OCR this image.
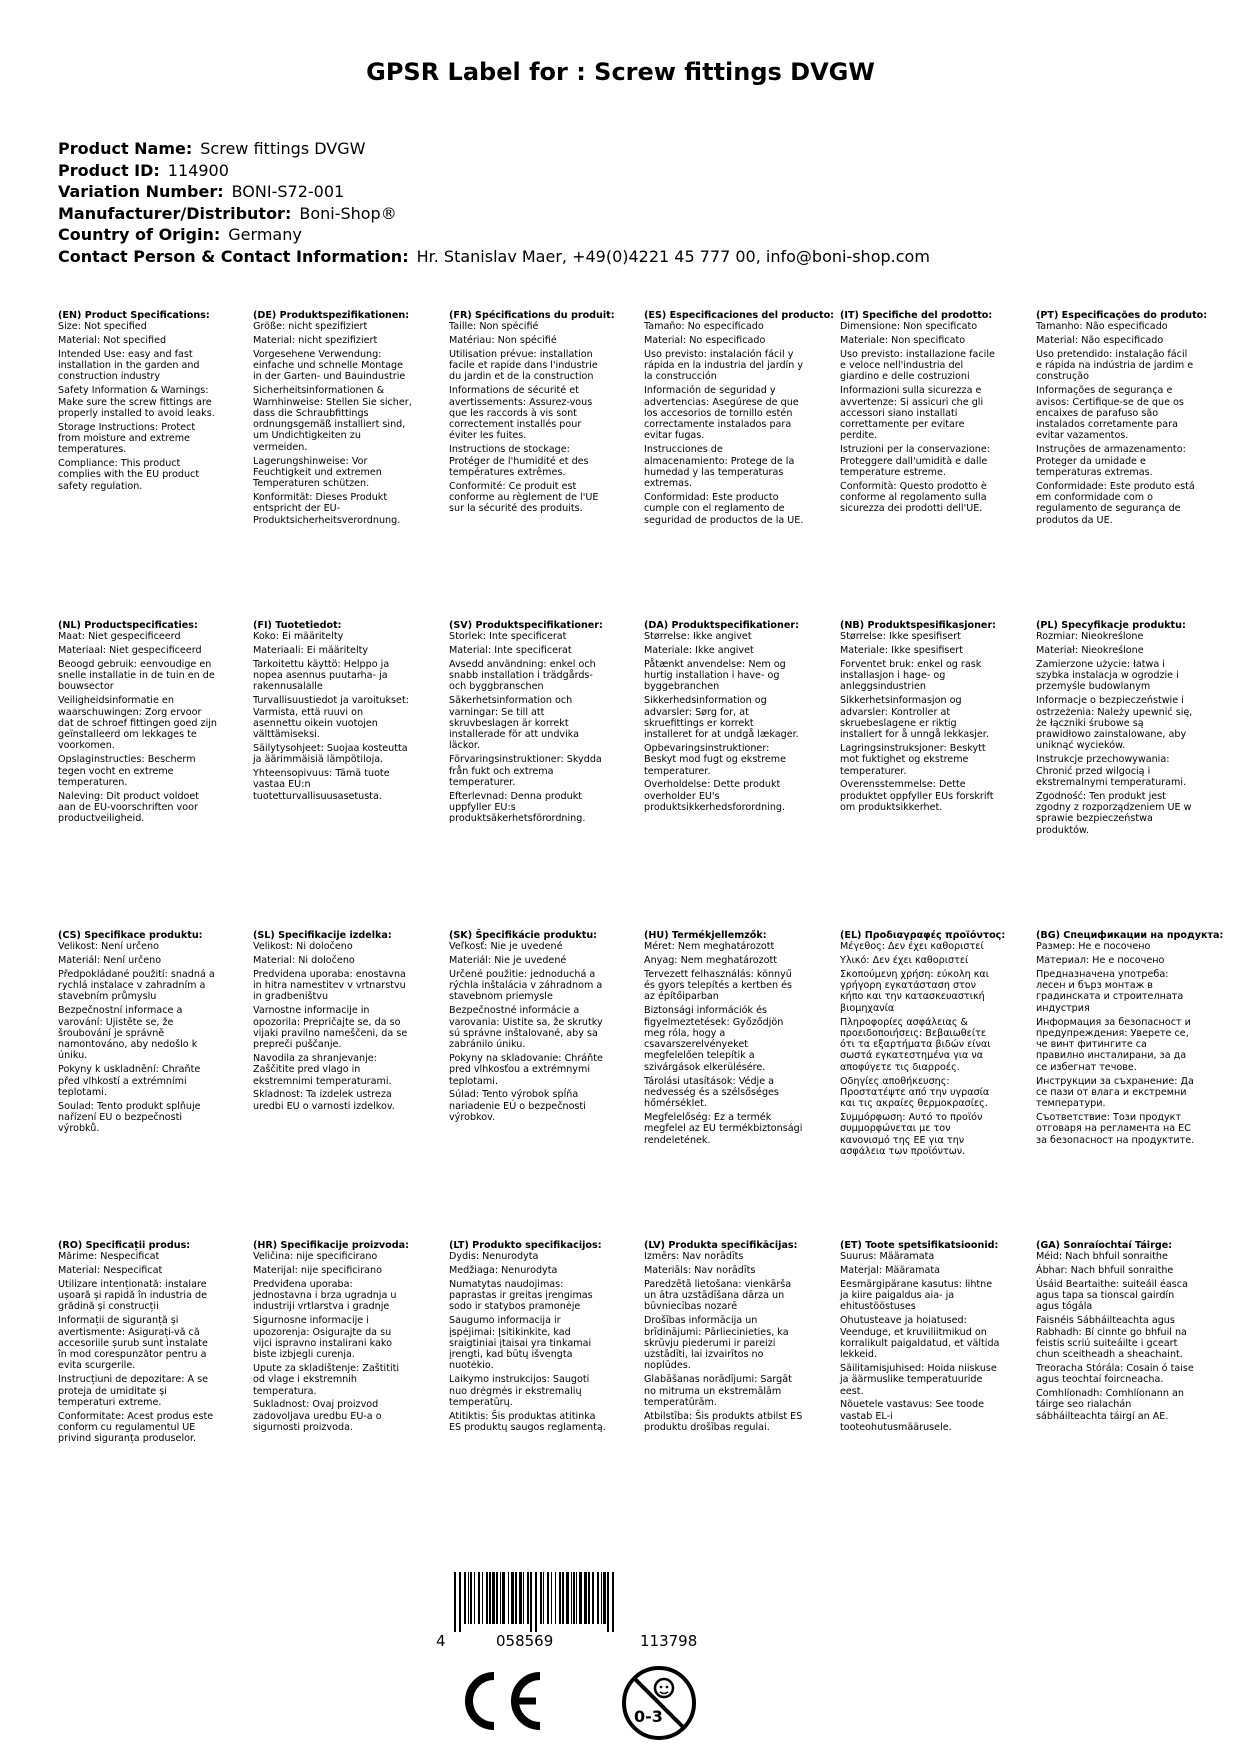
GPSR Label for : Screw fittings DVGW
Product Name: Screw fittings DVGW
Product ID: 114900
Variation Number: BONI-S72-001
Manufacturer/Distributor: Boni-Shop®
Country of Origin: Germany
Contact Person & Contact Information: Hr. Stanislav Maer, +49(0)4221 45 777 00, info@boni-shop.com
(EN) Product Specifications:

Size: Not specified

Material: Not specified

Intended Use: easy and fast installation in the garden and construction industry

Safety Information & Warnings: Make sure the screw fittings are properly installed to avoid leaks.

Storage Instructions: Protect from moisture and extreme temperatures.

Compliance: This product complies with the EU product safety regulation.

(DE) Produktspezifikationen:

Größe: nicht spezifiziert

Material: nicht spezifiziert

Vorgesehene Verwendung: einfache und schnelle Montage in der Garten- und Bauindustrie

Sicherheitsinformationen & Warnhinweise: Stellen Sie sicher, dass die Schraubfittings ordnungsgemäß installiert sind, um Undichtigkeiten zu vermeiden.

Lagerungshinweise: Vor Feuchtigkeit und extremen Temperaturen schützen.

Konformität: Dieses Produkt entspricht der EU-Produktsicherheitsverordnung.

(FR) Spécifications du produit:

Taille: Non spécifié

Matériau: Non spécifié

Utilisation prévue: installation facile et rapide dans l'industrie du jardin et de la construction

Informations de sécurité et avertissements: Assurez-vous que les raccords à vis sont correctement installés pour éviter les fuites.

Instructions de stockage: Protéger de l'humidité et des températures extrêmes.

Conformité: Ce produit est conforme au règlement de l'UE sur la sécurité des produits.

(ES) Especificaciones del producto:

Tamaño: No especificado

Material: No especificado

Uso previsto: instalación fácil y rápida en la industria del jardín y la construcción

Información de seguridad y advertencias: Asegúrese de que los accesorios de tornillo estén correctamente instalados para evitar fugas.

Instrucciones de almacenamiento: Protege de la humedad y las temperaturas extremas.

Conformidad: Este producto cumple con el reglamento de seguridad de productos de la UE.

(IT) Specifiche del prodotto:

Dimensione: Non specificato

Materiale: Non specificato

Uso previsto: installazione facile e veloce nell'industria del giardino e delle costruzioni

Informazioni sulla sicurezza e avvertenze: Si assicuri che gli accessori siano installati correttamente per evitare perdite.

Istruzioni per la conservazione: Proteggere dall'umidità e dalle temperature estreme.

Conformità: Questo prodotto è conforme al regolamento sulla sicurezza dei prodotti dell'UE.

(PT) Especificações do produto:

Tamanho: Não especificado

Material: Não especificado

Uso pretendido: instalação fácil e rápida na indústria de jardim e construção

Informações de segurança e avisos: Certifique-se de que os encaixes de parafuso são instalados corretamente para evitar vazamentos.

Instruções de armazenamento: Proteger da umidade e temperaturas extremas.

Conformidade: Este produto está em conformidade com o regulamento de segurança de produtos da UE.

(NL) Productspecificaties:

Maat: Niet gespecificeerd

Materiaal: Niet gespecificeerd

Beoogd gebruik: eenvoudige en snelle installatie in de tuin en de bouwsector

Veiligheidsinformatie en waarschuwingen: Zorg ervoor dat de schroef fittingen goed zijn geïnstalleerd om lekkages te voorkomen.

Opslaginstructies: Bescherm tegen vocht en extreme temperaturen.

Naleving: Dit product voldoet aan de EU-voorschriften voor productveiligheid.

(FI) Tuotetiedot:

Koko: Ei määritelty

Materiaali: Ei määritelty

Tarkoitettu käyttö: Helppo ja nopea asennus puutarha- ja rakennusalalle

Turvallisuustiedot ja varoitukset: Varmista, että ruuvi on asennettu oikein vuotojen välttämiseksi.

Säilytysohjeet: Suojaa kosteutta ja äärimmäisiä lämpötiloja.

Yhteensopivuus: Tämä tuote vastaa EU:n tuotetturvallisuusasetusta.

(SV) Produktspecifikationer:

Storlek: Inte specificerat

Material: Inte specificerat

Avsedd användning: enkel och snabb installation i trädgårds- och byggbranschen

Säkerhetsinformation och varningar: Se till att skruvbeslagen är korrekt installerade för att undvika läckor.

Förvaringsinstruktioner: Skydda från fukt och extrema temperaturer.

Efterlevnad: Denna produkt uppfyller EU:s produktsäkerhetsförordning.

(DA) Produktspecifikationer:

Størrelse: Ikke angivet

Materiale: Ikke angivet

Påtænkt anvendelse: Nem og hurtig installation i have- og byggebranchen

Sikkerhedsinformation og advarsler: Sørg for, at skruefittings er korrekt installeret for at undgå lækager.

Opbevaringsinstruktioner: Beskyt mod fugt og ekstreme temperaturer.

Overholdelse: Dette produkt overholder EU's produktsikkerhedsforordning.

(NB) Produktspesifikasjoner:

Størrelse: Ikke spesifisert

Materiale: Ikke spesifisert

Forventet bruk: enkel og rask installasjon i hage- og anleggsindustrien

Sikkerhetsinformasjon og advarsler: Kontroller at skruebeslagene er riktig installert for å unngå lekkasjer.

Lagringsinstruksjoner: Beskytt mot fuktighet og ekstreme temperaturer.

Overensstemmelse: Dette produktet oppfyller EUs forskrift om produktsikkerhet.

(PL) Specyfikacje produktu:

Rozmiar: Nieokreślone

Materiał: Nieokreślone

Zamierzone użycie: łatwa i szybka instalacja w ogrodzie i przemyśle budowlanym

Informacje o bezpieczeństwie i ostrzeżenia: Należy upewnić się, że łączniki śrubowe są prawidłowo zainstalowane, aby uniknąć wycieków.

Instrukcje przechowywania: Chronić przed wilgocią i ekstremalnymi temperaturami.

Zgodność: Ten produkt jest zgodny z rozporządzeniem UE w sprawie bezpieczeństwa produktów.

(CS) Specifikace produktu:

Velikost: Není určeno

Materiál: Není určeno

Předpokládané použití: snadná a rychlá instalace v zahradním a stavebním průmyslu

Bezpečnostní informace a varování: Ujistěte se, že šroubování je správně namontováno, aby nedošlo k úniku.

Pokyny k uskladnění: Chraňte před vlhkostí a extrémními teplotami.

Soulad: Tento produkt splňuje nařízení EU o bezpečnosti výrobků.

(SL) Specifikacije izdelka:

Velikost: Ni določeno

Material: Ni določeno

Predvidena uporaba: enostavna in hitra namestitev v vrtnarstvu in gradbeništvu

Varnostne informacije in opozorila: Prepričajte se, da so vijaki pravilno nameščeni, da se prepreči puščanje.

Navodila za shranjevanje: Zaščitite pred vlago in ekstremnimi temperaturami.

Skladnost: Ta izdelek ustreza uredbi EU o varnosti izdelkov.

(SK) Špecifikácie produktu:

Veľkosť: Nie je uvedené

Materiál: Nie je uvedené

Určené použitie: jednoduchá a rýchla inštalácia v záhradnom a stavebnom priemysle

Bezpečnostné informácie a varovania: Uistite sa, že skrutky sú správne inštalované, aby sa zabránilo úniku.

Pokyny na skladovanie: Chráňte pred vlhkosťou a extrémnymi teplotami.

Súlad: Tento výrobok spĺňa nariadenie EÚ o bezpečnosti výrobkov.

(HU) Termékjellemzők:

Méret: Nem meghatározott

Anyag: Nem meghatározott

Tervezett felhasználás: könnyű és gyors telepítés a kertben és az építőiparban

Biztonsági információk és figyelmeztetések: Győződjön meg róla, hogy a csavarszerelvényeket megfelelően telepítik a szivárgások elkerülésére.

Tárolási utasítások: Védje a nedvesség és a szélsőséges hőmérséklet.

Megfelelőség: Ez a termék megfelel az EU termékbiztonsági rendeletének.

(EL) Προδιαγραφές προϊόντος:

Μέγεθος: Δεν έχει καθοριστεί

Υλικό: Δεν έχει καθοριστεί

Σκοπούμενη χρήση: εύκολη και γρήγορη εγκατάσταση στον κήπο και την κατασκευαστική βιομηχανία

Πληροφορίες ασφάλειας & προειδοποιήσεις: Βεβαιωθείτε ότι τα εξαρτήματα βιδών είναι σωστά εγκατεστημένα για να αποφύγετε τις διαρροές.

Οδηγίες αποθήκευσης: Προστατέψτε από την υγρασία και τις ακραίες θερμοκρασίες.

Συμμόρφωση: Αυτό το προϊόν συμμορφώνεται με τον κανονισμό της ΕΕ για την ασφάλεια των προϊόντων.

(BG) Спецификации на продукта:

Размер: Не е посочено

Материал: Не е посочено

Предназначена употреба: лесен и бърз монтаж в градинската и строителната индустрия

Информация за безопасност и предупреждения: Уверете се, че винт фитингите са правилно инсталирани, за да се избегнат течове.

Инструкции за съхранение: Да се пази от влага и екстремни температури.

Съответствие: Този продукт отговаря на регламента на ЕС за безопасност на продуктите.

(RO) Specificații produs:

Mărime: Nespecificat

Material: Nespecificat

Utilizare intenționată: instalare ușoară și rapidă în industria de grădină și construcții

Informații de siguranță și avertismente: Asigurați-vă că accesoriile șurub sunt instalate în mod corespunzător pentru a evita scurgerile.

Instrucțiuni de depozitare: A se proteja de umiditate și temperaturi extreme.

Conformitate: Acest produs este conform cu regulamentul UE privind siguranța produselor.

(HR) Specifikacije proizvoda:

Veličina: nije specificirano

Materijal: nije specificirano

Predviđena uporaba: jednostavna i brza ugradnja u industriji vrtlarstva i gradnje

Sigurnosne informacije i upozorenja: Osigurajte da su vijci ispravno instalirani kako biste izbjegli curenja.

Upute za skladištenje: Zaštititi od vlage i ekstremnih temperatura.

Sukladnost: Ovaj proizvod zadovoljava uredbu EU-a o sigurnosti proizvoda.

(LT) Produkto specifikacijos:

Dydis: Nenurodyta

Medžiaga: Nenurodyta

Numatytas naudojimas: paprastas ir greitas įrengimas sodo ir statybos pramonėje

Saugumo informacija ir įspėjimai: Įsitikinkite, kad sraigtiniai įtaisai yra tinkamai įrengti, kad būtų išvengta nuotėkio.

Laikymo instrukcijos: Saugoti nuo drėgmės ir ekstremalių temperatūrų.

Atitiktis: Šis produktas atitinka ES produktų saugos reglamentą.

(LV) Produkta specifikācijas:

Izmērs: Nav norādīts

Materiāls: Nav norādīts

Paredzētā lietošana: vienkārša un ātra uzstādīšana dārza un būvniecības nozarē

Drošības informācija un brīdinājumi: Pārliecinieties, ka skrūvju piederumi ir pareizi uzstādīti, lai izvairītos no noplūdes.

Glabāšanas norādījumi: Sargāt no mitruma un ekstremālām temperatūrām.

Atbilstība: Šis produkts atbilst ES produktu drošības regulai.

(ET) Toote spetsifikatsioonid:

Suurus: Määramata

Materjal: Määramata

Eesmärgipärane kasutus: lihtne ja kiire paigaldus aia- ja ehitustööstuses

Ohutusteave ja hoiatused: Veenduge, et kruviliitmikud on korralikult paigaldatud, et vältida lekkeid.

Säilitamisjuhised: Hoida niiskuse ja äärmuslike temperatuuride eest.

Nõuetele vastavus: See toode vastab EL-i tooteohutusmäärusele.

(GA) Sonraíochtaí Táirge:

Méid: Nach bhfuil sonraithe

Ábhar: Nach bhfuil sonraithe

Úsáid Beartaithe: suiteáil éasca agus tapa sa tionscal gairdín agus tógála

Faisnéis Sábháilteachta agus Rabhadh: Bí cinnte go bhfuil na feistis scriú suiteáilte i gceart chun sceitheadh a sheachaint.

Treoracha Stórála: Cosain ó taise agus teochtaí foircneacha.

Comhlíonadh: Comhlíonann an táirge seo rialachán sábháilteachta táirgí an AE.

4	058569	113798
0-3
